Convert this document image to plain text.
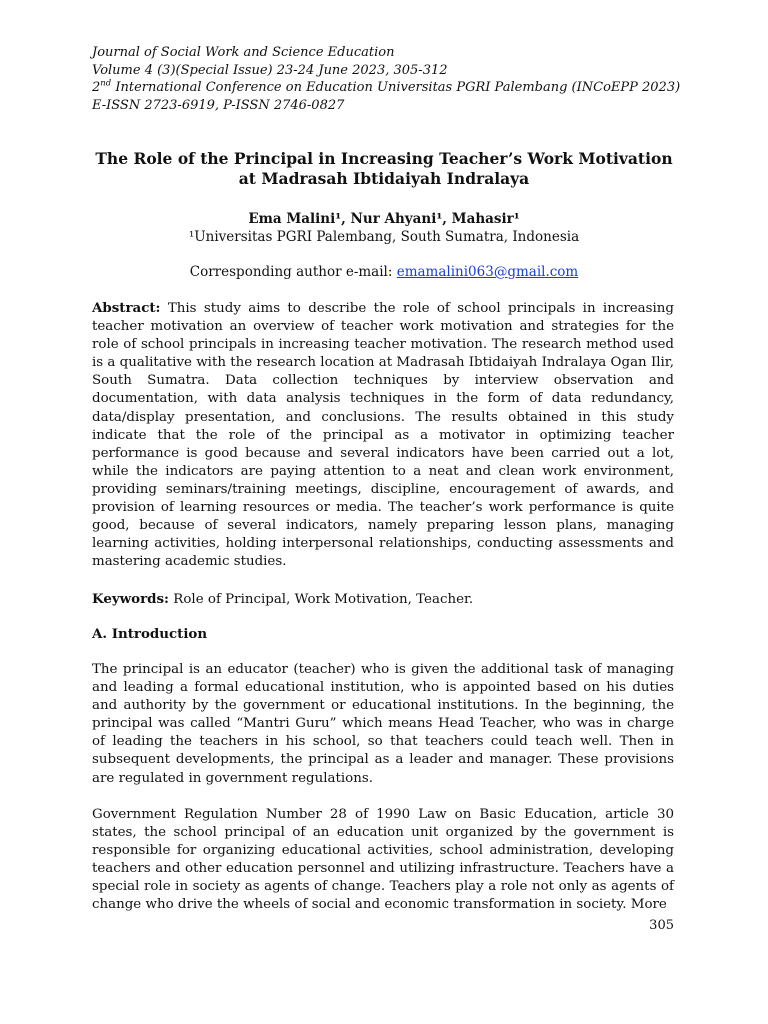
Journal of Social Work and Science Education
Volume 4 (3)(Special Issue) 23-24 June 2023, 305-312
2nd International Conference on Education Universitas PGRI Palembang (INCoEPP 2023)
E-ISSN 2723-6919, P-ISSN 2746-0827
The Role of the Principal in Increasing Teacher’s Work Motivation at Madrasah Ibtidaiyah Indralaya
Ema Malini¹, Nur Ahyani¹, Mahasir¹
¹Universitas PGRI Palembang, South Sumatra, Indonesia
Corresponding author e-mail: emamalini063@gmail.com
Abstract: This study aims to describe the role of school principals in increasing teacher motivation an overview of teacher work motivation and strategies for the role of school principals in increasing teacher motivation. The research method used is a qualitative with the research location at Madrasah Ibtidaiyah Indralaya Ogan Ilir, South Sumatra. Data collection techniques by interview observation and documentation, with data analysis techniques in the form of data redundancy, data/display presentation, and conclusions. The results obtained in this study indicate that the role of the principal as a motivator in optimizing teacher performance is good because and several indicators have been carried out a lot, while the indicators are paying attention to a neat and clean work environment, providing seminars/training meetings, discipline, encouragement of awards, and provision of learning resources or media. The teacher’s work performance is quite good, because of several indicators, namely preparing lesson plans, managing learning activities, holding interpersonal relationships, conducting assessments and mastering academic studies.
Keywords: Role of Principal, Work Motivation, Teacher.
A. Introduction
The principal is an educator (teacher) who is given the additional task of managing and leading a formal educational institution, who is appointed based on his duties and authority by the government or educational institutions. In the beginning, the principal was called “Mantri Guru” which means Head Teacher, who was in charge of leading the teachers in his school, so that teachers could teach well. Then in subsequent developments, the principal as a leader and manager. These provisions are regulated in government regulations.
Government Regulation Number 28 of 1990 Law on Basic Education, article 30 states, the school principal of an education unit organized by the government is responsible for organizing educational activities, school administration, developing teachers and other education personnel and utilizing infrastructure. Teachers have a special role in society as agents of change. Teachers play a role not only as agents of change who drive the wheels of social and economic transformation in society. More
305
